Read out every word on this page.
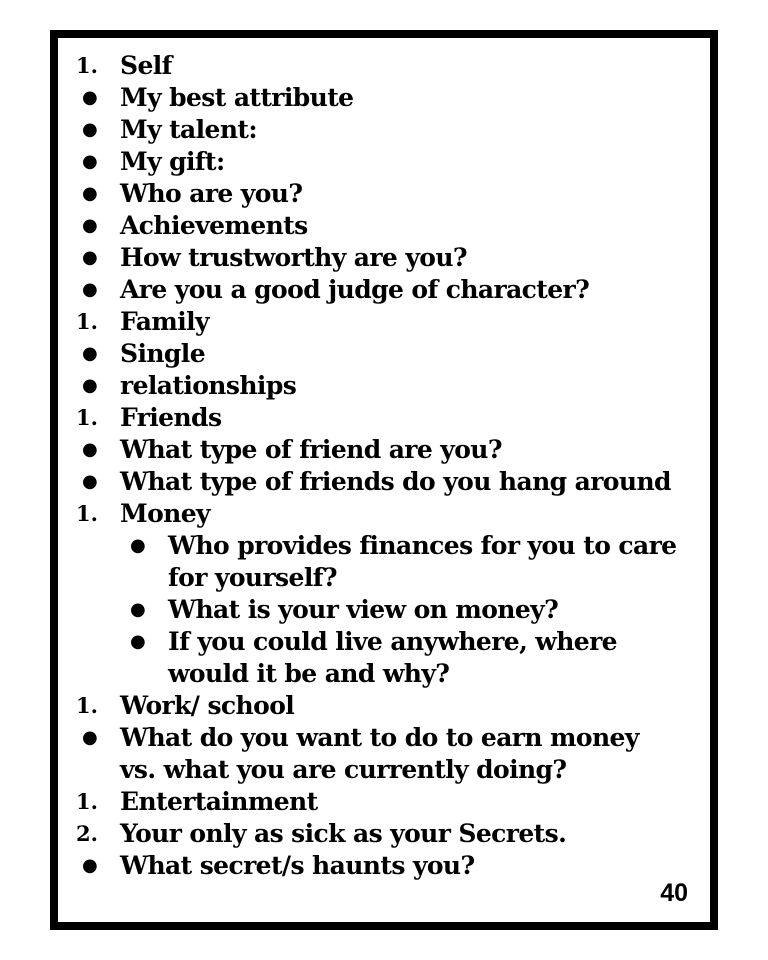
1. Self
● My best attribute
● My talent:
● My gift:
● Who are you?
● Achievements
● How trustworthy are you?
● Are you a good judge of character?
1. Family
● Single
● relationships
1. Friends
● What type of friend are you?
● What type of friends do you hang around
1. Money
● Who provides finances for you to care
for yourself?
● What is your view on money?
● If you could live anywhere, where
would it be and why?
1. Work/ school
● What do you want to do to earn money
vs. what you are currently doing?
1. Entertainment
2. Your only as sick as your Secrets.
● What secret/s haunts you?
40
